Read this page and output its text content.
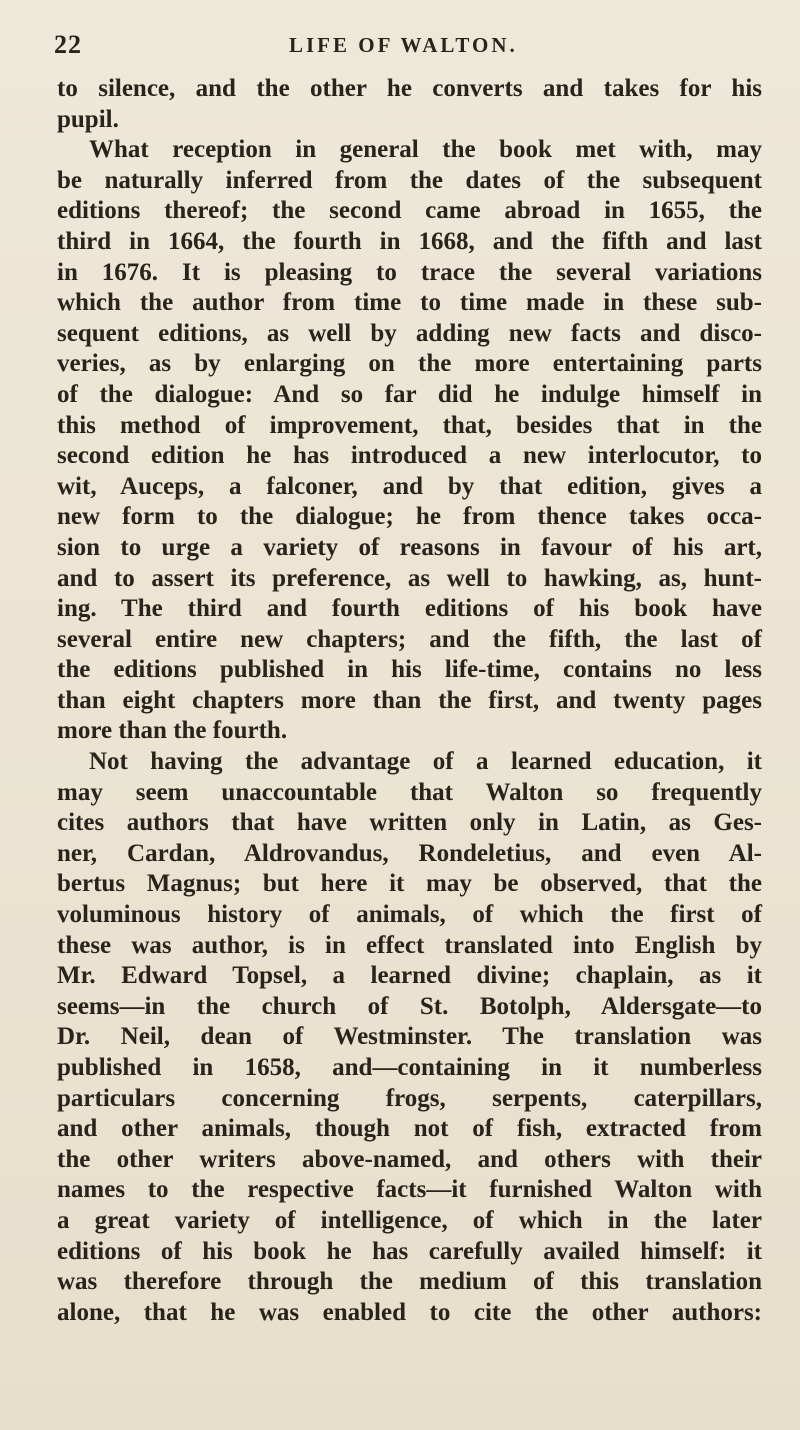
22	LIFE OF WALTON.
to silence, and the other he converts and takes for his
pupil.
What reception in general the book met with, may
be naturally inferred from the dates of the subsequent
editions thereof; the second came abroad in 1655, the
third in 1664, the fourth in 1668, and the fifth and last
in 1676. It is pleasing to trace the several variations
which the author from time to time made in these sub-
sequent editions, as well by adding new facts and disco-
veries, as by enlarging on the more entertaining parts
of the dialogue: And so far did he indulge himself in
this method of improvement, that, besides that in the
second edition he has introduced a new interlocutor, to
wit, Auceps, a falconer, and by that edition, gives a
new form to the dialogue; he from thence takes occa-
sion to urge a variety of reasons in favour of his art,
and to assert its preference, as well to hawking, as, hunt-
ing. The third and fourth editions of his book have
several entire new chapters; and the fifth, the last of
the editions published in his life-time, contains no less
than eight chapters more than the first, and twenty pages
more than the fourth.
Not having the advantage of a learned education, it
may seem unaccountable that Walton so frequently
cites authors that have written only in Latin, as Ges-
ner, Cardan, Aldrovandus, Rondeletius, and even Al-
bertus Magnus; but here it may be observed, that the
voluminous history of animals, of which the first of
these was author, is in effect translated into English by
Mr. Edward Topsel, a learned divine; chaplain, as it
seems—in the church of St. Botolph, Aldersgate—to
Dr. Neil, dean of Westminster. The translation was
published in 1658, and—containing in it numberless
particulars concerning frogs, serpents, caterpillars,
and other animals, though not of fish, extracted from
the other writers above-named, and others with their
names to the respective facts—it furnished Walton with
a great variety of intelligence, of which in the later
editions of his book he has carefully availed himself: it
was therefore through the medium of this translation
alone, that he was enabled to cite the other authors:
